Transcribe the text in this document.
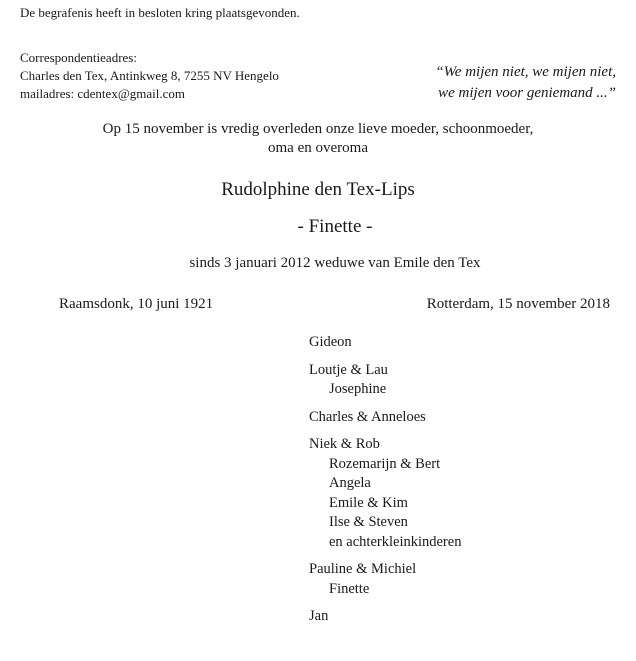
De begrafenis heeft in besloten kring plaatsgevonden.
Correspondentieadres:
Charles den Tex, Antinkweg 8, 7255 NV Hengelo
mailadres: cdentex@gmail.com
“We mijen niet, we mijen niet,
we mijen voor geniemand ...”
Op 15 november is vredig overleden onze lieve moeder, schoonmoeder,
oma en overoma
Rudolphine den Tex-Lips
- Finette -
sinds 3 januari 2012 weduwe van Emile den Tex
Raamsdonk, 10 juni 1921	Rotterdam, 15 november 2018
Gideon
Loutje & Lau
Josephine
Charles & Anneloes
Niek & Rob
Rozemarijn & Bert
Angela
Emile & Kim
Ilse & Steven
en achterkleinkinderen
Pauline & Michiel
Finette
Jan
